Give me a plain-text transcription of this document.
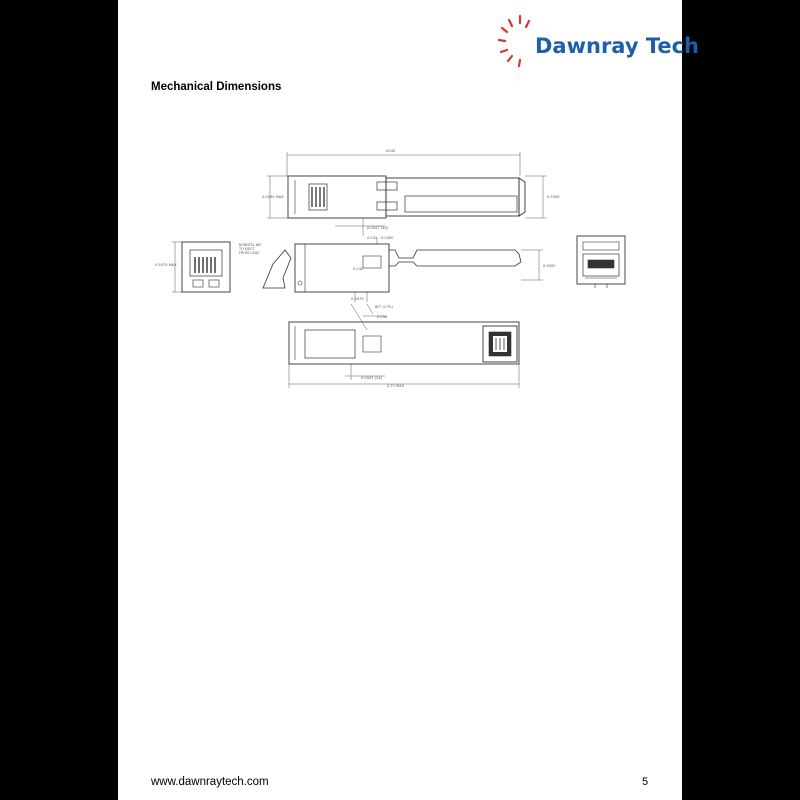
Dawnray Tech
Mechanical Dimensions
.0040
0.0030 MAX	0.5500
0.0047 (4X)
0.032
0.5970 MAX
BOBNTEL BIP
TO EJECT
FROM CAGE
0.2400
0.240
0.5500
0.0470
60° (2 PL)
0.298
0.0047 (2X)
0.71 MAX
www.dawnraytech.com	5
